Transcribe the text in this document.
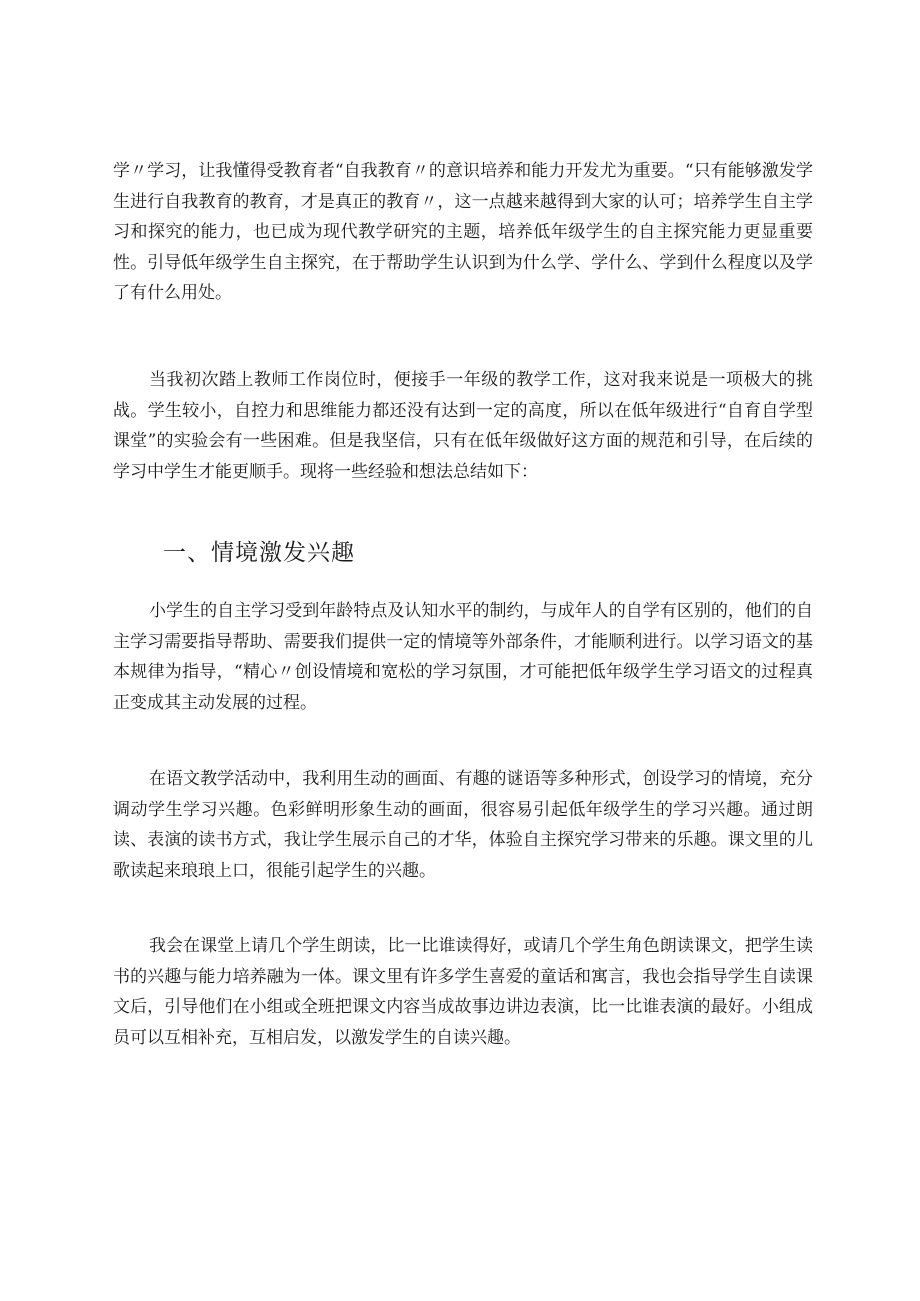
学〃学习，让我懂得受教育者“自我教育〃的意识培养和能力开发尤为重要。“只有能够激发学生进行自我教育的教育，才是真正的教育〃，这一点越来越得到大家的认可；培养学生自主学习和探究的能力，也已成为现代教学研究的主题，培养低年级学生的自主探究能力更显重要性。引导低年级学生自主探究，在于帮助学生认识到为什么学、学什么、学到什么程度以及学了有什么用处。

当我初次踏上教师工作岗位时，便接手一年级的教学工作，这对我来说是一项极大的挑战。学生较小，自控力和思维能力都还没有达到一定的高度，所以在低年级进行“自育自学型课堂”的实验会有一些困难。但是我坚信，只有在低年级做好这方面的规范和引导，在后续的学习中学生才能更顺手。现将一些经验和想法总结如下：

一、情境激发兴趣

小学生的自主学习受到年龄特点及认知水平的制约，与成年人的自学有区别的，他们的自主学习需要指导帮助、需要我们提供一定的情境等外部条件，才能顺利进行。以学习语文的基本规律为指导，“精心〃创设情境和宽松的学习氛围，才可能把低年级学生学习语文的过程真正变成其主动发展的过程。

在语文教学活动中，我利用生动的画面、有趣的谜语等多种形式，创设学习的情境，充分调动学生学习兴趣。色彩鲜明形象生动的画面，很容易引起低年级学生的学习兴趣。通过朗读、表演的读书方式，我让学生展示自己的才华，体验自主探究学习带来的乐趣。课文里的儿歌读起来琅琅上口，很能引起学生的兴趣。

我会在课堂上请几个学生朗读，比一比谁读得好，或请几个学生角色朗读课文，把学生读书的兴趣与能力培养融为一体。课文里有许多学生喜爱的童话和寓言，我也会指导学生自读课文后，引导他们在小组或全班把课文内容当成故事边讲边表演，比一比谁表演的最好。小组成员可以互相补充，互相启发，以激发学生的自读兴趣。
